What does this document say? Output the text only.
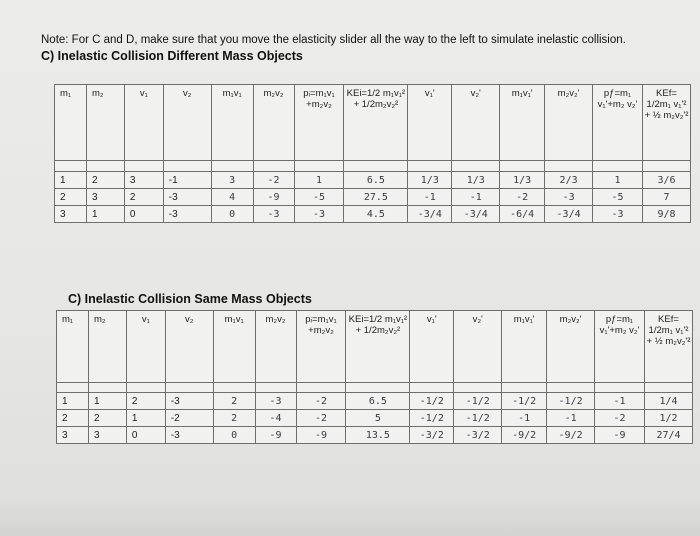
Note: For C and D, make sure that you move the elasticity slider all the way to the left to simulate inelastic collision.
C) Inelastic Collision Different Mass Objects
m₁	m₂	v₁	v₂	m₁v₁	m₂v₂	pᵢ=m₁v₁ +m₂v₂	KEi=1/2 m₁v₁² + 1/2m₂v₂²	v₁'	v₂'	m₁v₁'	m₂v₂'	pƒ=m₁ v₁'+m₂ v₂'	KEf= 1/2m₁ v₁'² + ½ m₂v₂'²

1	2	3	-1	3	-2	1	6.5	1/3	1/3	1/3	2/3	1	3/6
2	3	2	-3	4	-9	-5	27.5	-1	-1	-2	-3	-5	7
3	1	0	-3	0	-3	-3	4.5	-3/4	-3/4	-6/4	-3/4	-3	9/8
C) Inelastic Collision Same Mass Objects
m₁	m₂	v₁	v₂	m₁v₁	m₂v₂	pᵢ=m₁v₁ +m₂v₂	KEi=1/2 m₁v₁² + 1/2m₂v₂²	v₁'	v₂'	m₁v₁'	m₂v₂'	pƒ=m₁ v₁'+m₂ v₂'	KEf= 1/2m₁ v₁'² + ½ m₂v₂'²

1	1	2	-3	2	-3	-2	6.5	-1/2	-1/2	-1/2	-1/2	-1	1/4
2	2	1	-2	2	-4	-2	5	-1/2	-1/2	-1	-1	-2	1/2
3	3	0	-3	0	-9	-9	13.5	-3/2	-3/2	-9/2	-9/2	-9	27/4
